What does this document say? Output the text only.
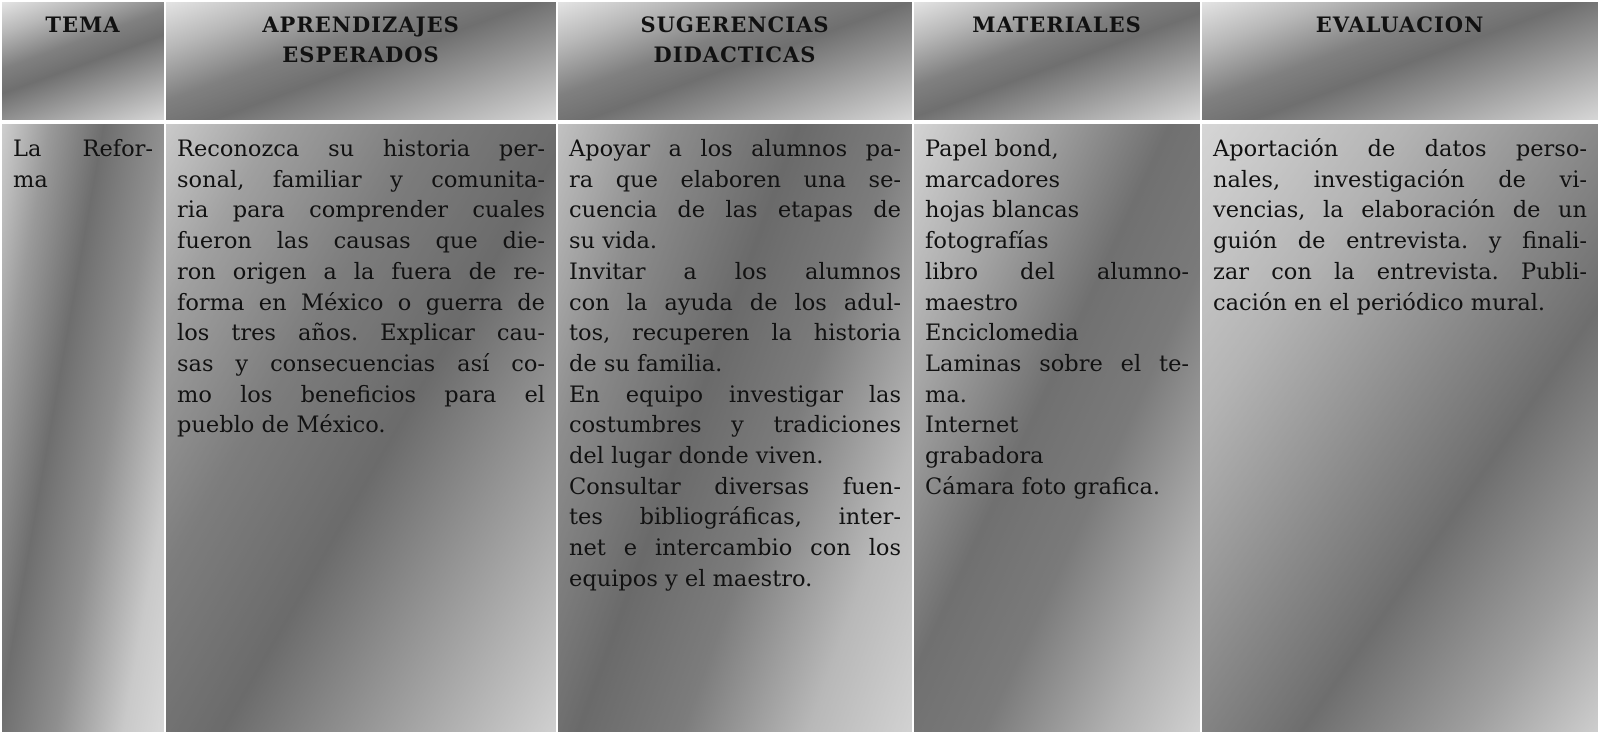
TEMA	APRENDIZAJES
ESPERADOS
SUGERENCIAS
DIDACTICAS
MATERIALES	EVALUACION
La Refor-
ma
Reconozca su historia per-
sonal, familiar y comunita-
ria para comprender cuales
fueron las causas que die-
ron origen a la fuera de re-
forma en México o guerra de
los tres años. Explicar cau-
sas y consecuencias así co-
mo los beneficios para el
pueblo de México.
Apoyar a los alumnos pa-
ra que elaboren una se-
cuencia de las etapas de
su vida.
Invitar a los alumnos
con la ayuda de los adul-
tos, recuperen la historia
de su familia.
En equipo investigar las
costumbres y tradiciones
del lugar donde viven.
Consultar diversas fuen-
tes bibliográficas, inter-
net e intercambio con los
equipos y el maestro.
Papel bond,
marcadores
hojas blancas
fotografías
libro del alumno-
maestro
Enciclomedia
Laminas sobre el te-
ma.
Internet
grabadora
Cámara foto grafica.
Aportación de datos perso-
nales, investigación de vi-
vencias, la elaboración de un
guión de entrevista. y finali-
zar con la entrevista. Publi-
cación en el periódico mural.
